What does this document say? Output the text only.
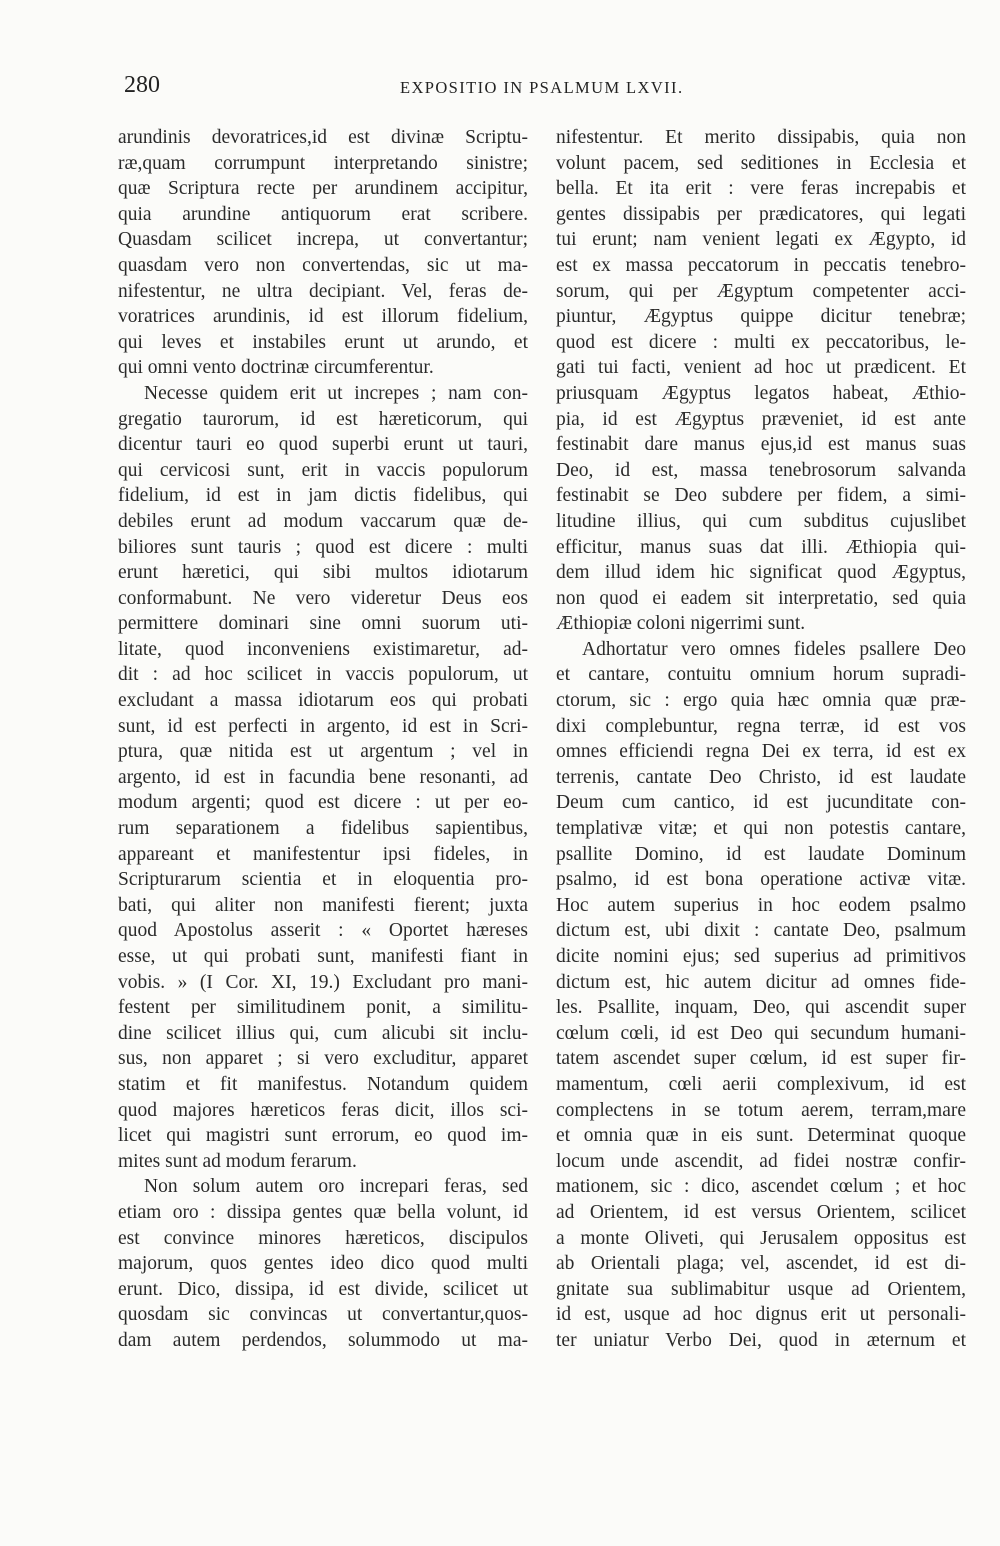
280	EXPOSITIO IN PSALMUM LXVII.
arundinis devoratrices,id est divinæ Scriptu-
ræ,quam corrumpunt interpretando sinistre;
quæ Scriptura recte per arundinem accipitur,
quia arundine antiquorum erat scribere.
Quasdam scilicet increpa, ut convertantur;
quasdam vero non convertendas, sic ut ma-
nifestentur, ne ultra decipiant. Vel, feras de-
voratrices arundinis, id est illorum fidelium,
qui leves et instabiles erunt ut arundo, et
qui omni vento doctrinæ circumferentur.
Necesse quidem erit ut increpes ; nam con-
gregatio taurorum, id est hæreticorum, qui
dicentur tauri eo quod superbi erunt ut tauri,
qui cervicosi sunt, erit in vaccis populorum
fidelium, id est in jam dictis fidelibus, qui
debiles erunt ad modum vaccarum quæ de-
biliores sunt tauris ; quod est dicere : multi
erunt hæretici, qui sibi multos idiotarum
conformabunt. Ne vero videretur Deus eos
permittere dominari sine omni suorum uti-
litate, quod inconveniens existimaretur, ad-
dit : ad hoc scilicet in vaccis populorum, ut
excludant a massa idiotarum eos qui probati
sunt, id est perfecti in argento, id est in Scri-
ptura, quæ nitida est ut argentum ; vel in
argento, id est in facundia bene resonanti, ad
modum argenti; quod est dicere : ut per eo-
rum separationem a fidelibus sapientibus,
appareant et manifestentur ipsi fideles, in
Scripturarum scientia et in eloquentia pro-
bati, qui aliter non manifesti fierent; juxta
quod Apostolus asserit : « Oportet hæreses
esse, ut qui probati sunt, manifesti fiant in
vobis. » (I Cor. XI, 19.) Excludant pro mani-
festent per similitudinem ponit, a similitu-
dine scilicet illius qui, cum alicubi sit inclu-
sus, non apparet ; si vero excluditur, apparet
statim et fit manifestus. Notandum quidem
quod majores hæreticos feras dicit, illos sci-
licet qui magistri sunt errorum, eo quod im-
mites sunt ad modum ferarum.
Non solum autem oro increpari feras, sed
etiam oro : dissipa gentes quæ bella volunt, id
est convince minores hæreticos, discipulos
majorum, quos gentes ideo dico quod multi
erunt. Dico, dissipa, id est divide, scilicet ut
quosdam sic convincas ut convertantur,quos-
dam autem perdendos, solummodo ut ma-
nifestentur. Et merito dissipabis, quia non
volunt pacem, sed seditiones in Ecclesia et
bella. Et ita erit : vere feras increpabis et
gentes dissipabis per prædicatores, qui legati
tui erunt; nam venient legati ex Ægypto, id
est ex massa peccatorum in peccatis tenebro-
sorum, qui per Ægyptum competenter acci-
piuntur, Ægyptus quippe dicitur tenebræ;
quod est dicere : multi ex peccatoribus, le-
gati tui facti, venient ad hoc ut prædicent. Et
priusquam Ægyptus legatos habeat, Æthio-
pia, id est Ægyptus præveniet, id est ante
festinabit dare manus ejus,id est manus suas
Deo, id est, massa tenebrosorum salvanda
festinabit se Deo subdere per fidem, a simi-
litudine illius, qui cum subditus cujuslibet
efficitur, manus suas dat illi. Æthiopia qui-
dem illud idem hic significat quod Ægyptus,
non quod ei eadem sit interpretatio, sed quia
Æthiopiæ coloni nigerrimi sunt.
Adhortatur vero omnes fideles psallere Deo
et cantare, contuitu omnium horum supradi-
ctorum, sic : ergo quia hæc omnia quæ præ-
dixi complebuntur, regna terræ, id est vos
omnes efficiendi regna Dei ex terra, id est ex
terrenis, cantate Deo Christo, id est laudate
Deum cum cantico, id est jucunditate con-
templativæ vitæ; et qui non potestis cantare,
psallite Domino, id est laudate Dominum
psalmo, id est bona operatione activæ vitæ.
Hoc autem superius in hoc eodem psalmo
dictum est, ubi dixit : cantate Deo, psalmum
dicite nomini ejus; sed superius ad primitivos
dictum est, hic autem dicitur ad omnes fide-
les. Psallite, inquam, Deo, qui ascendit super
cœlum cœli, id est Deo qui secundum humani-
tatem ascendet super cœlum, id est super fir-
mamentum, cœli aerii complexivum, id est
complectens in se totum aerem, terram,mare
et omnia quæ in eis sunt. Determinat quoque
locum unde ascendit, ad fidei nostræ confir-
mationem, sic : dico, ascendet cœlum ; et hoc
ad Orientem, id est versus Orientem, scilicet
a monte Oliveti, qui Jerusalem oppositus est
ab Orientali plaga; vel, ascendet, id est di-
gnitate sua sublimabitur usque ad Orientem,
id est, usque ad hoc dignus erit ut personali-
ter uniatur Verbo Dei, quod in æternum et
